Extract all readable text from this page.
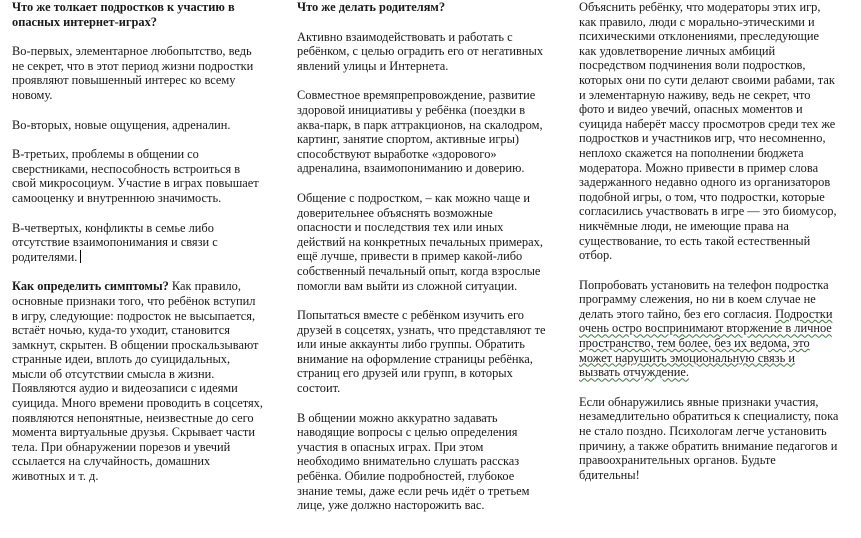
Что же толкает подростков к участию в опасных интернет-играх?

Во-первых, элементарное любопытство, ведь не секрет, что в этот период жизни подростки проявляют повышенный интерес ко всему новому.

Во-вторых, новые ощущения, адреналин.

В-третьих, проблемы в общении со сверстниками, неспособность встроиться в свой микросоциум. Участие в играх повышает самооценку и внутреннюю значимость.

В-четвертых, конфликты в семье либо отсутствие взаимопонимания и связи с родителями.

Как определить симптомы? Как правило, основные признаки того, что ребёнок вступил в игру, следующие: подросток не высыпается, встаёт ночью, куда-то уходит, становится замкнут, скрытен. В общении проскальзывают странные идеи, вплоть до суицидальных, мысли об отсутствии смысла в жизни. Появляются аудио и видеозаписи с идеями суицида. Много времени проводить в соцсетях, появляются непонятные, неизвестные до сего момента виртуальные друзья. Скрывает части тела. При обнаружении порезов и увечий ссылается на случайность, домашних животных и т. д.

Что же делать родителям?

Активно взаимодействовать и работать с ребёнком, с целью оградить его от негативных явлений улицы и Интернета.

Совместное времяпрепровождение, развитие здоровой инициативы у ребёнка (поездки в аква-парк, в парк аттракционов, на скалодром, картинг, занятие спортом, активные игры) способствуют выработке «здорового» адреналина, взаимопониманию и доверию.

Общение с подростком, – как можно чаще и доверительнее объяснять возможные опасности и последствия тех или иных действий на конкретных печальных примерах, ещё лучше, привести в пример какой-либо собственный печальный опыт, когда взрослые помогли вам выйти из сложной ситуации.

Попытаться вместе с ребёнком изучить его друзей в соцсетях, узнать, что представляют те или иные аккаунты либо группы. Обратить внимание на оформление страницы ребёнка, страниц его друзей или групп, в которых состоит.

В общении можно аккуратно задавать наводящие вопросы с целью определения участия в опасных играх. При этом необходимо внимательно слушать рассказ ребёнка. Обилие подробностей, глубокое знание темы, даже если речь идёт о третьем лице, уже должно насторожить вас.

Объяснить ребёнку, что модераторы этих игр, как правило, люди с морально-этическими и психическими отклонениями, преследующие как удовлетворение личных амбиций посредством подчинения воли подростков, которых они по сути делают своими рабами, так и элементарную наживу, ведь не секрет, что фото и видео увечий, опасных моментов и суицида наберёт массу просмотров среди тех же подростков и участников игр, что несомненно, неплохо скажется на пополнении бюджета модератора. Можно привести в пример слова задержанного недавно одного из организаторов подобной игры, о том, что подростки, которые согласились участвовать в игре — это биомусор, никчёмные люди, не имеющие права на существование, то есть такой естественный отбор.

Попробовать установить на телефон подростка программу слежения, но ни в коем случае не делать этого тайно, без его согласия. Подростки очень остро воспринимают вторжение в личное пространство, тем более, без их ведома, это может нарушить эмоциональную связь и вызвать отчуждение.

Если обнаружились явные признаки участия, незамедлительно обратиться к специалисту, пока не стало поздно. Психологам легче установить причину, а также обратить внимание педагогов и правоохранительных органов. Будьте бдительны!
